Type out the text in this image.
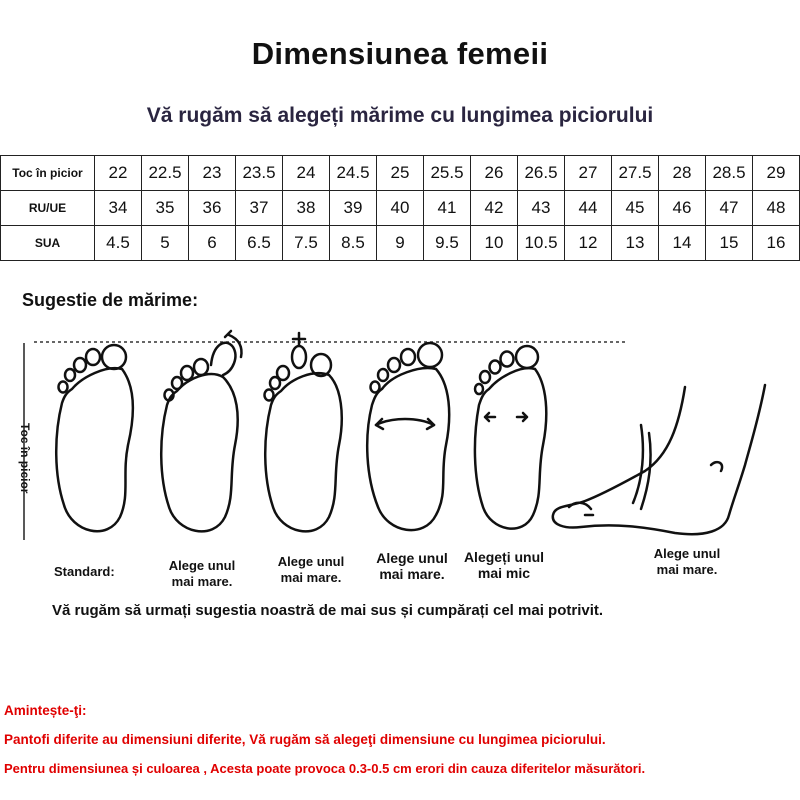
Dimensiunea femeii
Vă rugăm să alegeți mărime cu lungimea piciorului
Toc în picior	22	22.5	23	23.5	24	24.5	25	25.5	26	26.5	27	27.5	28	28.5	29
RU/UE	34	35	36	37	38	39	40	41	42	43	44	45	46	47	48
SUA	4.5	5	6	6.5	7.5	8.5	9	9.5	10	10.5	12	13	14	15	16
Sugestie de mărime:
Toc în picior
Standard:	Alege unul mai mare.
Alege unul mai mare.
Alege unul mai mare.
Alegeți unul mai mic
Alege unul mai mare.
Vă rugăm să urmați sugestia noastră de mai sus și cumpărați cel mai potrivit.
Amintește-ţi:
Pantofi diferite au dimensiuni diferite, Vă rugăm să alegeţi dimensiune cu lungimea piciorului.
Pentru dimensiunea și culoarea , Acesta poate provoca 0.3-0.5 cm erori din cauza diferitelor măsurători.
